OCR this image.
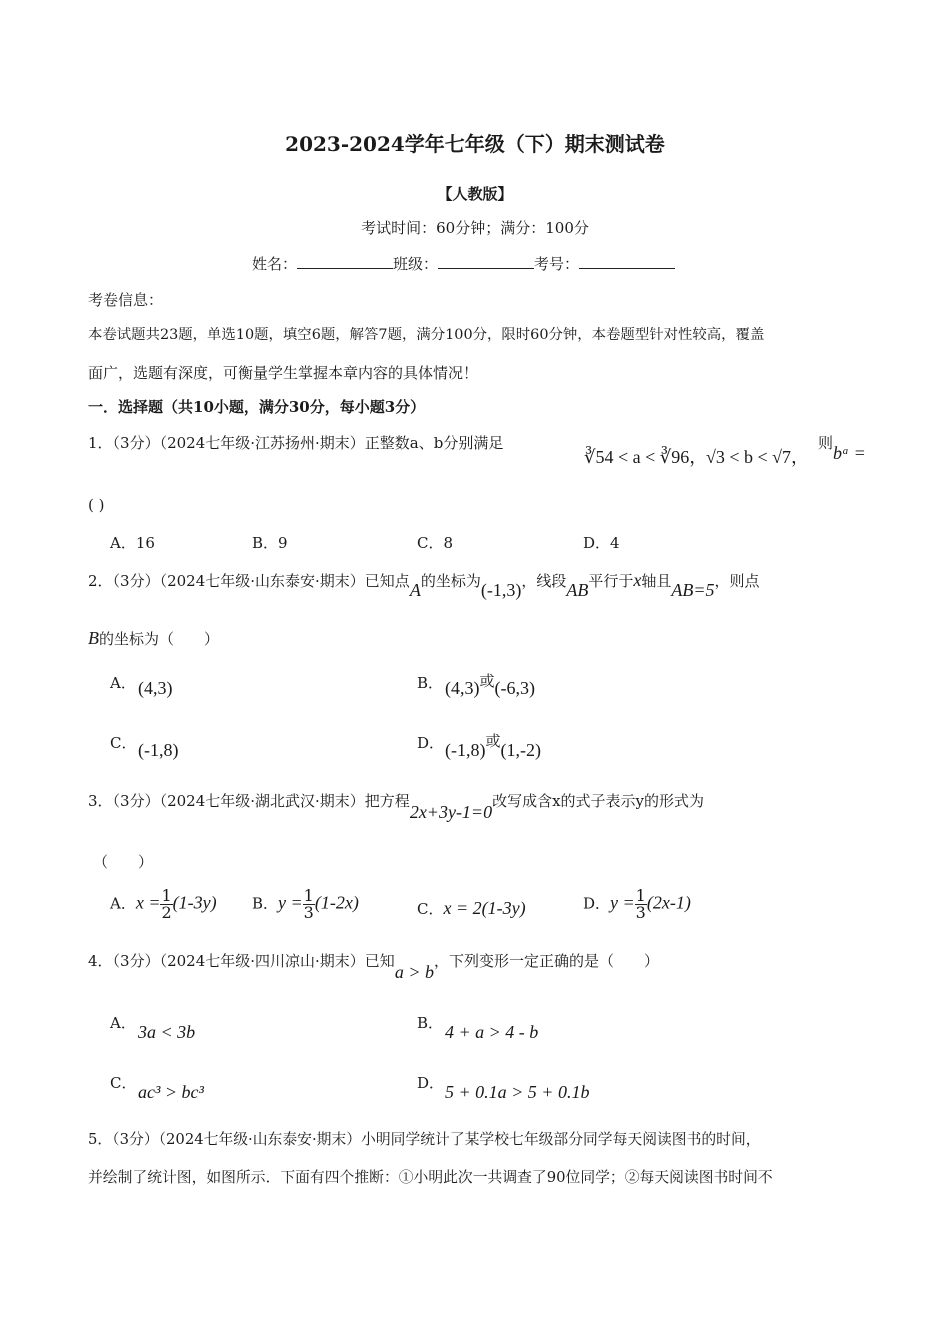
2023-2024学年七年级（下）期末测试卷
【人教版】
考试时间：60分钟；满分：100分
姓名：	班级：	考号：
考卷信息：
本卷试题共23题，单选10题，填空6题，解答7题，满分100分，限时60分钟，本卷题型针对性较高，覆盖
面广，选题有深度，可衡量学生掌握本章内容的具体情况！
一．选择题（共10小题，满分30分，每小题3分）
1．（3分）（2024七年级·江苏扬州·期末）正整数a、b分别满足
∛54 < a < ∛96，
√3 < b < √7，
则 bᵃ =
( )
A．16	B．9	C．8	D．4
2．（3分）（2024七年级·山东泰安·期末）已知点A的坐标为(-1,3)，线段AB平行于x轴且AB=5，则点
B的坐标为（　　）
A． (4,3)	B． (4,3)或(-6,3)
C． (-1,8)	D． (-1,8)或(1,-2)
3．（3分）（2024七年级·湖北武汉·期末）把方程2x+3y-1=0改写成含x的式子表示y的形式为
（　　）
A．$x = \frac{1}{2} (1-3y)$ B．$y = \frac{1}{3} (1-2x)$	C．x = 2(1-3y)	D．$y = \frac{1}{3} (2x-1)$
4．（3分）（2024七年级·四川凉山·期末）已知a > b，下列变形一定正确的是（　　）
A． 3a < 3b	B． 4 + a > 4 - b
C． ac³ > bc³	D． 5 + 0.1a > 5 + 0.1b
5．（3分）（2024七年级·山东泰安·期末）小明同学统计了某学校七年级部分同学每天阅读图书的时间，
并绘制了统计图，如图所示．下面有四个推断：①小明此次一共调查了90位同学；②每天阅读图书时间不
